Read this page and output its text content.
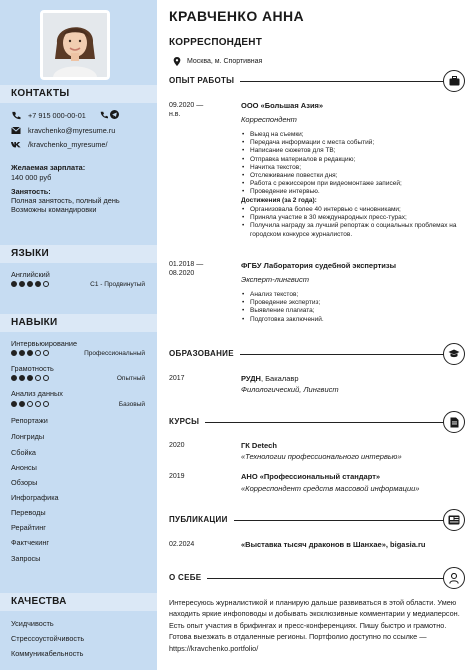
КОНТАКТЫ
+7 915 000-00-01
kravchenko@myresume.ru
/kravchenko_myresume/
Желаемая зарплата:
140 000 руб
Занятость:
Полная занятость, полный день
Возможны командировки
ЯЗЫКИ
Английский
C1 - Продвинутый
НАВЫКИ
Интервьюирование
Профессиональный
Грамотность
Опытный
Анализ данных
Базовый
Репортажи
Лонгриды
Сбойка
Анонсы
Обзоры
Инфографика
Переводы
Рерайтинг
Фактчекинг
Запросы
КАЧЕСТВА
Усидчивость
Стрессоустойчивость
Коммуникабельность
КРАВЧЕНКО АННА
КОРРЕСПОНДЕНТ
Москва, м. Спортивная
ОПЫТ РАБОТЫ
09.2020 —
н.в.
ООО «Большая Азия»
Корреспондент
• Выезд на съемки;
• Передача информации с места событий;
• Написание сюжетов для ТВ;
• Отправка материалов в редакцию;
• Начитка текстов;
• Отслеживание повестки дня;
• Работа с режиссером при видеомонтаже записей;
• Проведение интервью.
Достижения (за 2 года):
• Организовала более 40 интервью с чиновниками;
• Приняла участие в 30 международных пресс-турах;
• Получила награду за лучший репортаж о социальных проблемах на городском конкурсе журналистов.
01.2018 —
08.2020
ФГБУ Лаборатория судебной экспертизы
Эксперт-лингвист
• Анализ текстов;
• Проведение экспертиз;
• Выявление плагиата;
• Подготовка заключений.
ОБРАЗОВАНИЕ
2017	РУДН, Бакалавр
Филологический, Лингвист
КУРСЫ
2020	ГК Detech
«Технологии профессионального интервью»
2019	АНО «Профессиональный стандарт»
«Корреспондент средств массовой информации»
ПУБЛИКАЦИИ
02.2024	«Выставка тысяч драконов в Шанхае», bigasia.ru
О СЕБЕ
Интересуюсь журналистикой и планирую дальше развиваться в этой области. Умею находить яркие инфоповоды и добывать эксклюзивные комментарии у медиаперсон. Есть опыт участия в брифингах и пресс-конференциях. Пишу быстро и грамотно. Готова выезжать в отдаленные регионы. Портфолио доступно по ссылке — https://kravchenko.portfolio/
